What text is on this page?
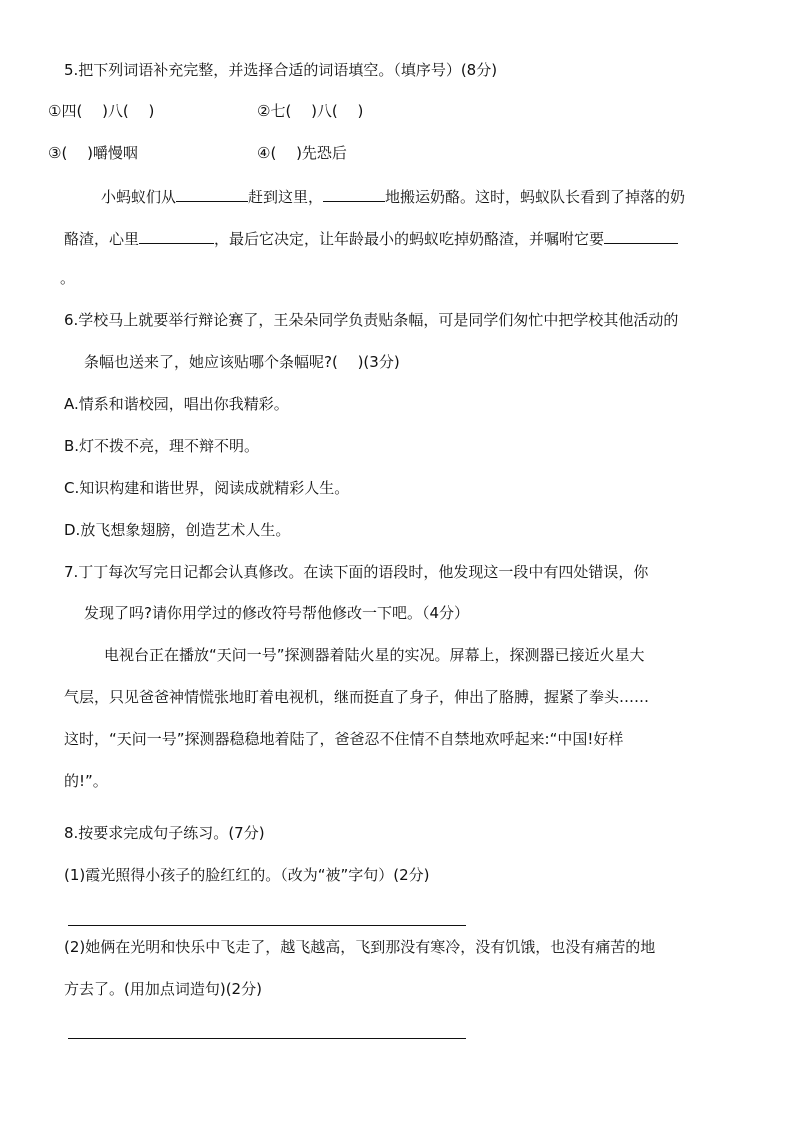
5.把下列词语补充完整，并选择合适的词语填空。（填序号）(8分)
①四(　 )八(　 )	②七(　 )八(　 )
③(　 )嚼慢咽	④(　 )先恐后
小蚂蚁们从	赶到这里，	地搬运奶酪。这时，蚂蚁队长看到了掉落的奶
酪渣，心里	，最后它决定，让年龄最小的蚂蚁吃掉奶酪渣，并嘱咐它要
。
6.学校马上就要举行辩论赛了，王朵朵同学负责贴条幅，可是同学们匆忙中把学校其他活动的
条幅也送来了，她应该贴哪个条幅呢?(　 )(3分)
A.情系和谐校园，唱出你我精彩。
B.灯不拨不亮，理不辩不明。
C.知识构建和谐世界，阅读成就精彩人生。
D.放飞想象翅膀，创造艺术人生。
7.丁丁每次写完日记都会认真修改。在读下面的语段时，他发现这一段中有四处错误，你
发现了吗?请你用学过的修改符号帮他修改一下吧。（4分）
电视台正在播放“天问一号”探测器着陆火星的实况。屏幕上，探测器已接近火星大
气层，只见爸爸神情慌张地盯着电视机，继而挺直了身子，伸出了胳膊，握紧了拳头……
这时，“天问一号”探测器稳稳地着陆了，爸爸忍不住情不自禁地欢呼起来:“中国!好样
的!”。
8.按要求完成句子练习。(7分)
(1)霞光照得小孩子的脸红红的。（改为“被”字句）(2分)
(2)她俩在光明和快乐中飞走了，越飞越高，飞到那没有寒冷，没有饥饿，也没有痛苦的地
方去了。(用加点词造句)(2分)
